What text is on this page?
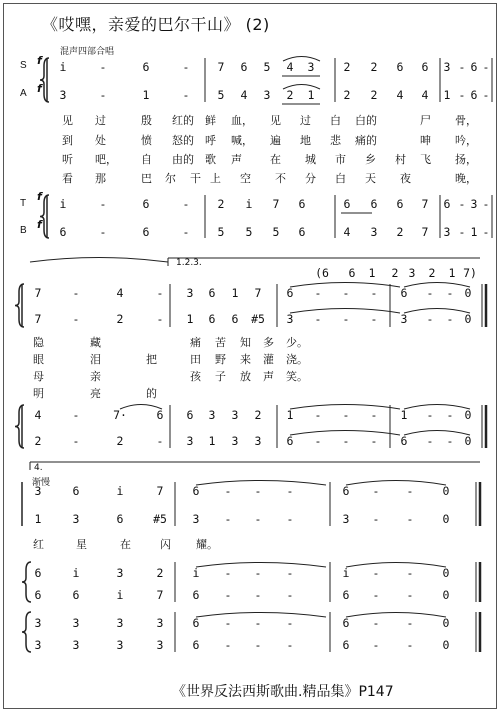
《哎嘿，亲爱的巴尔干山》 (2)
混声四部合唱
S
A
T
B
f
f
f
f
1.2.3.
4.
渐慢
《世界反法西斯歌曲.精品集》P147
i	-	6	-	7	6	5	4	3	2	2	6	6	3 - 6 -
3	-	1	-	5	4	3	2	1	2	2	4	4	1 - 6 -
i	-	6	-	2	i	7	6	6	6	6	7	6 - 3 -
6	-	6	-	5	5	5	6	4	3	2	7	3 - 1 -
见 过	殷 红的 鲜 血， 见 过 白 白的	尸 骨，
到 处	愤 怒的 呼 喊， 遍 地 悲 痛的	呻 吟，
听 吧， 自 由的 歌 声	在 城 市 乡 村 飞 扬，
看 那	巴 尔 干 上 空 不 分 白 天 夜	晚，
(6	6	1	2 3	2	1 7)
7	-	4	-	3	6	1	7	6	-	-	-	6	-	- 0
7	-	2	-	1	6	6	#5	3	-	-	-	3	-	- 0
4	-	7·	6	6	3	3	2	1	-	-	-	1	-	- 0
2	-	2	-	3	1	3	3	6	-	-	-	6	-	- 0
隐	藏	痛 苦 知 多 少。
眼	泪	把	田 野 来 灌 浇。
母	亲	孩 子 放 声 笑。
明	亮	的
3	6	i	7	6	-	-	-	6	-	-	0
1	3	6	#5	3	-	-	-	3	-	-	0
6	i	3	2	i	-	-	-	i	-	-	0
6	6	i	7	6	-	-	-	6	-	-	0
3	3	3	3	6	-	-	-	6	-	-	0
3	3	3	3	6	-	-	-	6	-	-	0
红	星	在	闪 耀。
